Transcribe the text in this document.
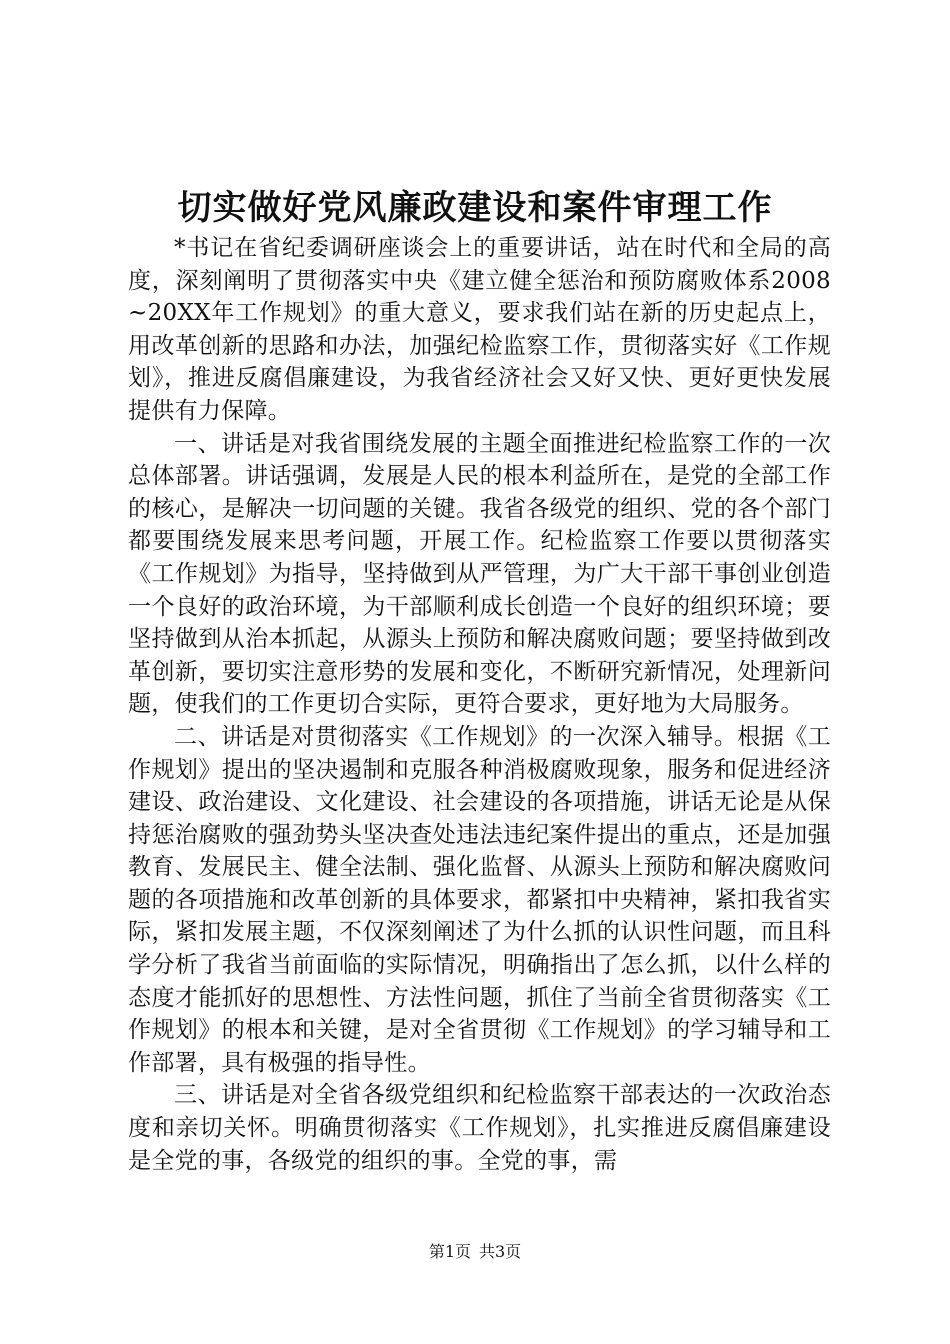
切实做好党风廉政建设和案件审理工作

*书记在省纪委调研座谈会上的重要讲话，站在时代和全局的高度，深刻阐明了贯彻落实中央《建立健全惩治和预防腐败体系2008~20XX年工作规划》的重大意义，要求我们站在新的历史起点上，用改革创新的思路和办法，加强纪检监察工作，贯彻落实好《工作规划》，推进反腐倡廉建设，为我省经济社会又好又快、更好更快发展提供有力保障。

一、讲话是对我省围绕发展的主题全面推进纪检监察工作的一次总体部署。讲话强调，发展是人民的根本利益所在，是党的全部工作的核心，是解决一切问题的关键。我省各级党的组织、党的各个部门都要围绕发展来思考问题，开展工作。纪检监察工作要以贯彻落实《工作规划》为指导，坚持做到从严管理，为广大干部干事创业创造一个良好的政治环境，为干部顺利成长创造一个良好的组织环境；要坚持做到从治本抓起，从源头上预防和解决腐败问题；要坚持做到改革创新，要切实注意形势的发展和变化，不断研究新情况，处理新问题，使我们的工作更切合实际，更符合要求，更好地为大局服务。

二、讲话是对贯彻落实《工作规划》的一次深入辅导。根据《工作规划》提出的坚决遏制和克服各种消极腐败现象，服务和促进经济建设、政治建设、文化建设、社会建设的各项措施，讲话无论是从保持惩治腐败的强劲势头坚决查处违法违纪案件提出的重点，还是加强教育、发展民主、健全法制、强化监督、从源头上预防和解决腐败问题的各项措施和改革创新的具体要求，都紧扣中央精神，紧扣我省实际，紧扣发展主题，不仅深刻阐述了为什么抓的认识性问题，而且科学分析了我省当前面临的实际情况，明确指出了怎么抓，以什么样的态度才能抓好的思想性、方法性问题，抓住了当前全省贯彻落实《工作规划》的根本和关键，是对全省贯彻《工作规划》的学习辅导和工作部署，具有极强的指导性。

三、讲话是对全省各级党组织和纪检监察干部表达的一次政治态度和亲切关怀。明确贯彻落实《工作规划》，扎实推进反腐倡廉建设是全党的事，各级党的组织的事。全党的事，需

第1页 共3页
